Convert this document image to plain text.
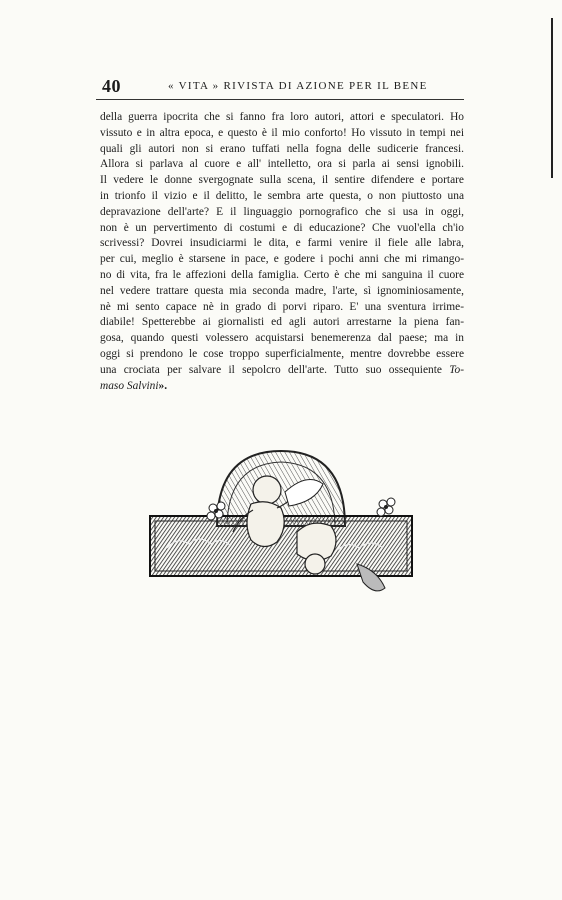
40	« VITA » RIVISTA DI AZIONE PER IL BENE
della guerra ipocrita che si fanno fra loro autori, attori e speculatori. Ho
vissuto e in altra epoca, e questo è il mio conforto! Ho vissuto in tempi nei
quali gli autori non si erano tuffati nella fogna delle sudicerie francesi.
Allora si parlava al cuore e all' intelletto, ora si parla ai sensi ignobili.
Il vedere le donne svergognate sulla scena, il sentire difendere e portare
in trionfo il vizio e il delitto, le sembra arte questa, o non piuttosto una
depravazione dell'arte? E il linguaggio pornografico che si usa in oggi,
non è un pervertimento di costumi e di educazione? Che vuol'ella ch'io
scrivessi? Dovrei insudiciarmi le dita, e farmi venire il fiele alle labra,
per cui, meglio è starsene in pace, e godere i pochi anni che mi rimango-
no di vita, fra le affezioni della famiglia. Certo è che mi sanguina il cuore
nel vedere trattare questa mia seconda madre, l'arte, sì ignominiosamente,
nè mi sento capace nè in grado di porvi riparo. E' una sventura irrime-
diabile! Spetterebbe ai giornalisti ed agli autori arrestarne la piena fan-
gosa, quando questi volessero acquistarsi benemerenza dal paese; ma in
oggi si prendono le cose troppo superficialmente, mentre dovrebbe essere
una crociata per salvare il sepolcro dell'arte. Tutto suo ossequiente To-
maso Salvini».
